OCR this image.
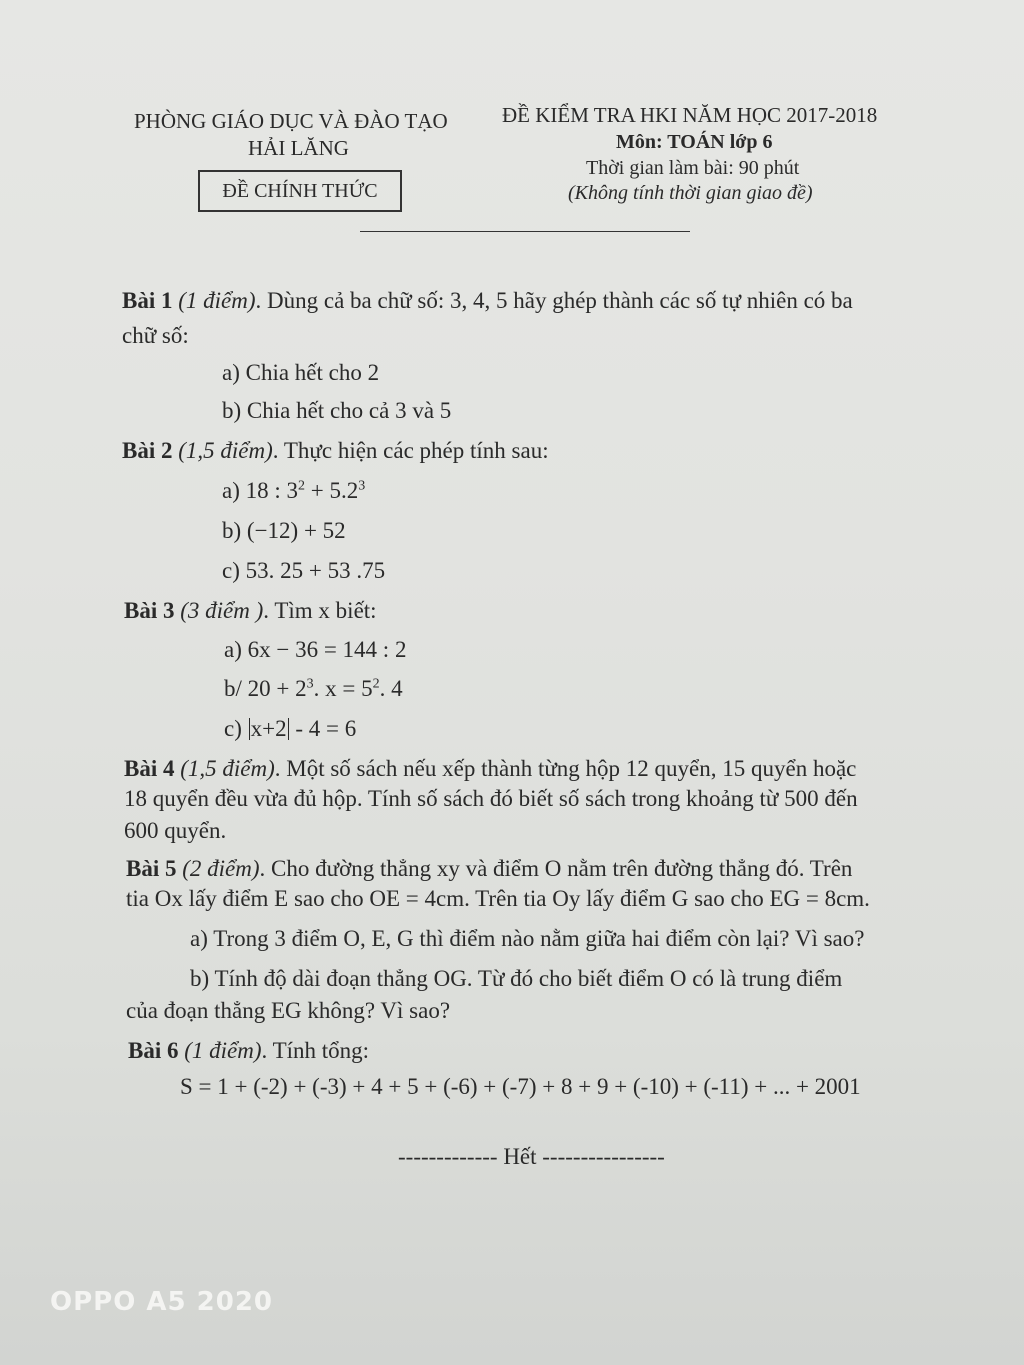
PHÒNG GIÁO DỤC VÀ ĐÀO TẠO
HẢI LĂNG
ĐỀ CHÍNH THỨC
ĐỀ KIỂM TRA HKI NĂM HỌC 2017-2018
Môn: TOÁN lớp 6
Thời gian làm bài: 90 phút
(Không tính thời gian giao đề)
Bài 1 (1 điểm). Dùng cả ba chữ số: 3, 4, 5 hãy ghép thành các số tự nhiên có ba
chữ số:
a) Chia hết cho 2
b) Chia hết cho cả 3 và 5
Bài 2 (1,5 điểm). Thực hiện các phép tính sau:
a) 18 : $3^2 + 5.2^3$
b) (−12) + 52
c) 53. 25 + 53 .75
Bài 3 (3 điểm ). Tìm x biết:
a) 6x − 36 = 144 : 2
b/ $20 + 2^3$. $x = 5^2$. 4
c) x+2 - 4 = 6
Bài 4 (1,5 điểm). Một số sách nếu xếp thành từng hộp 12 quyển, 15 quyển hoặc
18 quyển đều vừa đủ hộp. Tính số sách đó biết số sách trong khoảng từ 500 đến
600 quyển.
Bài 5 (2 điểm). Cho đường thẳng xy và điểm O nằm trên đường thẳng đó. Trên
tia Ox lấy điểm E sao cho OE = 4cm. Trên tia Oy lấy điểm G sao cho EG = 8cm.
a) Trong 3 điểm O, E, G thì điểm nào nằm giữa hai điểm còn lại? Vì sao?
b) Tính độ dài đoạn thẳng OG. Từ đó cho biết điểm O có là trung điểm
của đoạn thẳng EG không? Vì sao?
Bài 6 (1 điểm). Tính tổng:
S = 1 + (-2) + (-3) + 4 + 5 + (-6) + (-7) + 8 + 9 + (-10) + (-11) + ... + 2001
------------- Hết ----------------
OPPO A5 2020
